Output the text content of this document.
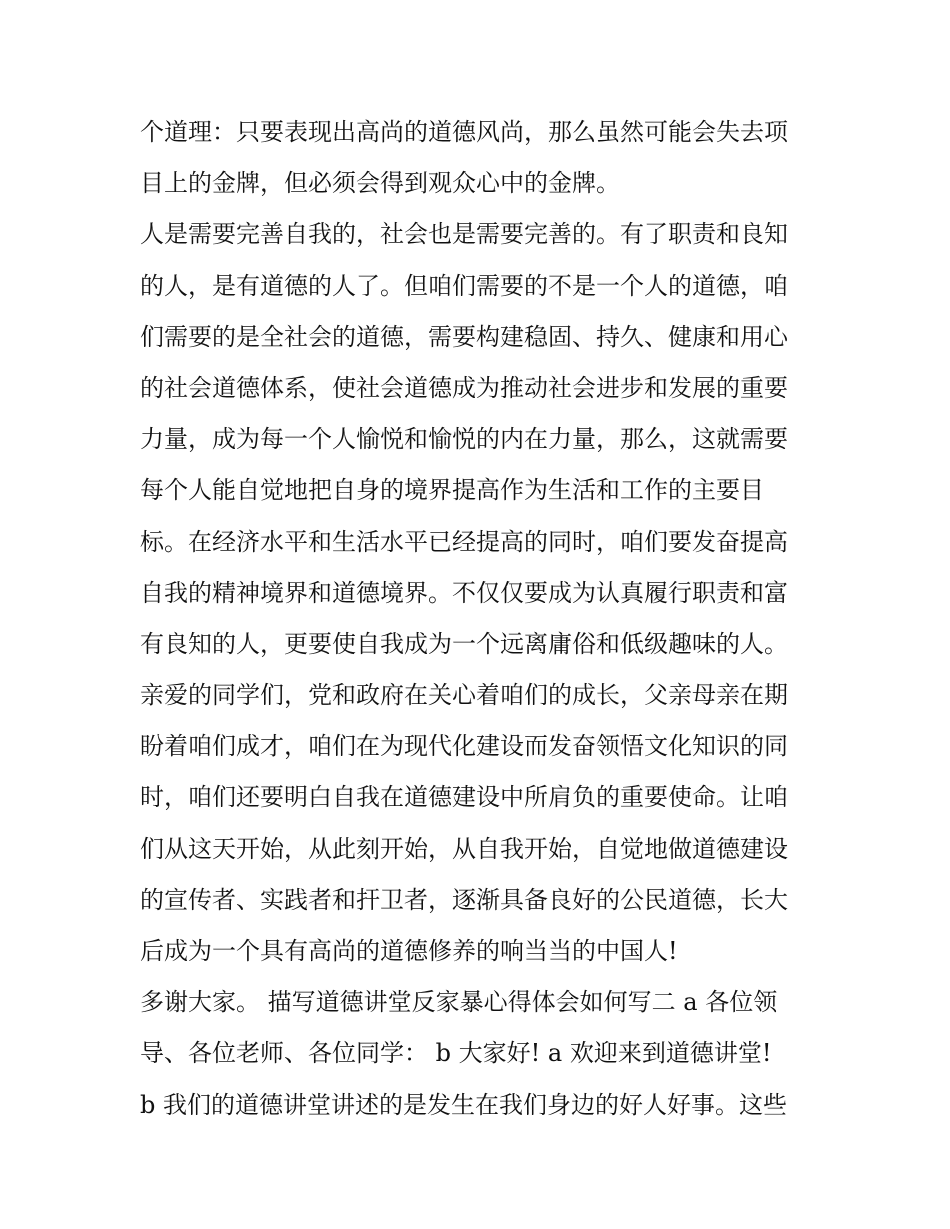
个道理：只要表现出高尚的道德风尚，那么虽然可能会失去项
目上的金牌，但必须会得到观众心中的金牌。
人是需要完善自我的，社会也是需要完善的。有了职责和良知
的人，是有道德的人了。但咱们需要的不是一个人的道德，咱
们需要的是全社会的道德，需要构建稳固、持久、健康和用心
的社会道德体系，使社会道德成为推动社会进步和发展的重要
力量，成为每一个人愉悦和愉悦的内在力量，那么，这就需要
每个人能自觉地把自身的境界提高作为生活和工作的主要目
标。在经济水平和生活水平已经提高的同时，咱们要发奋提高
自我的精神境界和道德境界。不仅仅要成为认真履行职责和富
有良知的人，更要使自我成为一个远离庸俗和低级趣味的人。
亲爱的同学们，党和政府在关心着咱们的成长，父亲母亲在期
盼着咱们成才，咱们在为现代化建设而发奋领悟文化知识的同
时，咱们还要明白自我在道德建设中所肩负的重要使命。让咱
们从这天开始，从此刻开始，从自我开始，自觉地做道德建设
的宣传者、实践者和扞卫者，逐渐具备良好的公民道德，长大
后成为一个具有高尚的道德修养的响当当的中国人!
多谢大家。 描写道德讲堂反家暴心得体会如何写二 a 各位领
导、各位老师、各位同学： b 大家好! a 欢迎来到道德讲堂!
b 我们的道德讲堂讲述的是发生在我们身边的好人好事。这些
